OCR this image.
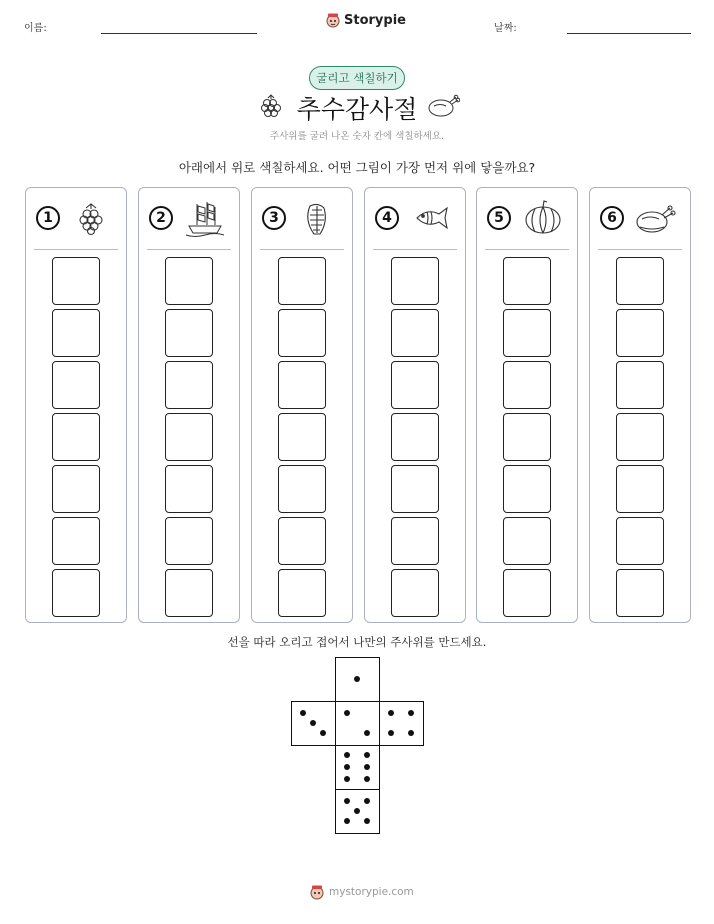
이름:
Storypie
날짜:
굴리고 색칠하기
추수감사절
주사위를 굴려 나온 숫자 칸에 색칠하세요.
아래에서 위로 색칠하세요. 어떤 그림이 가장 먼저 위에 닿을까요?
1	2	3	4	5	6
선을 따라 오리고 접어서 나만의 주사위를 만드세요.
mystorypie.com
